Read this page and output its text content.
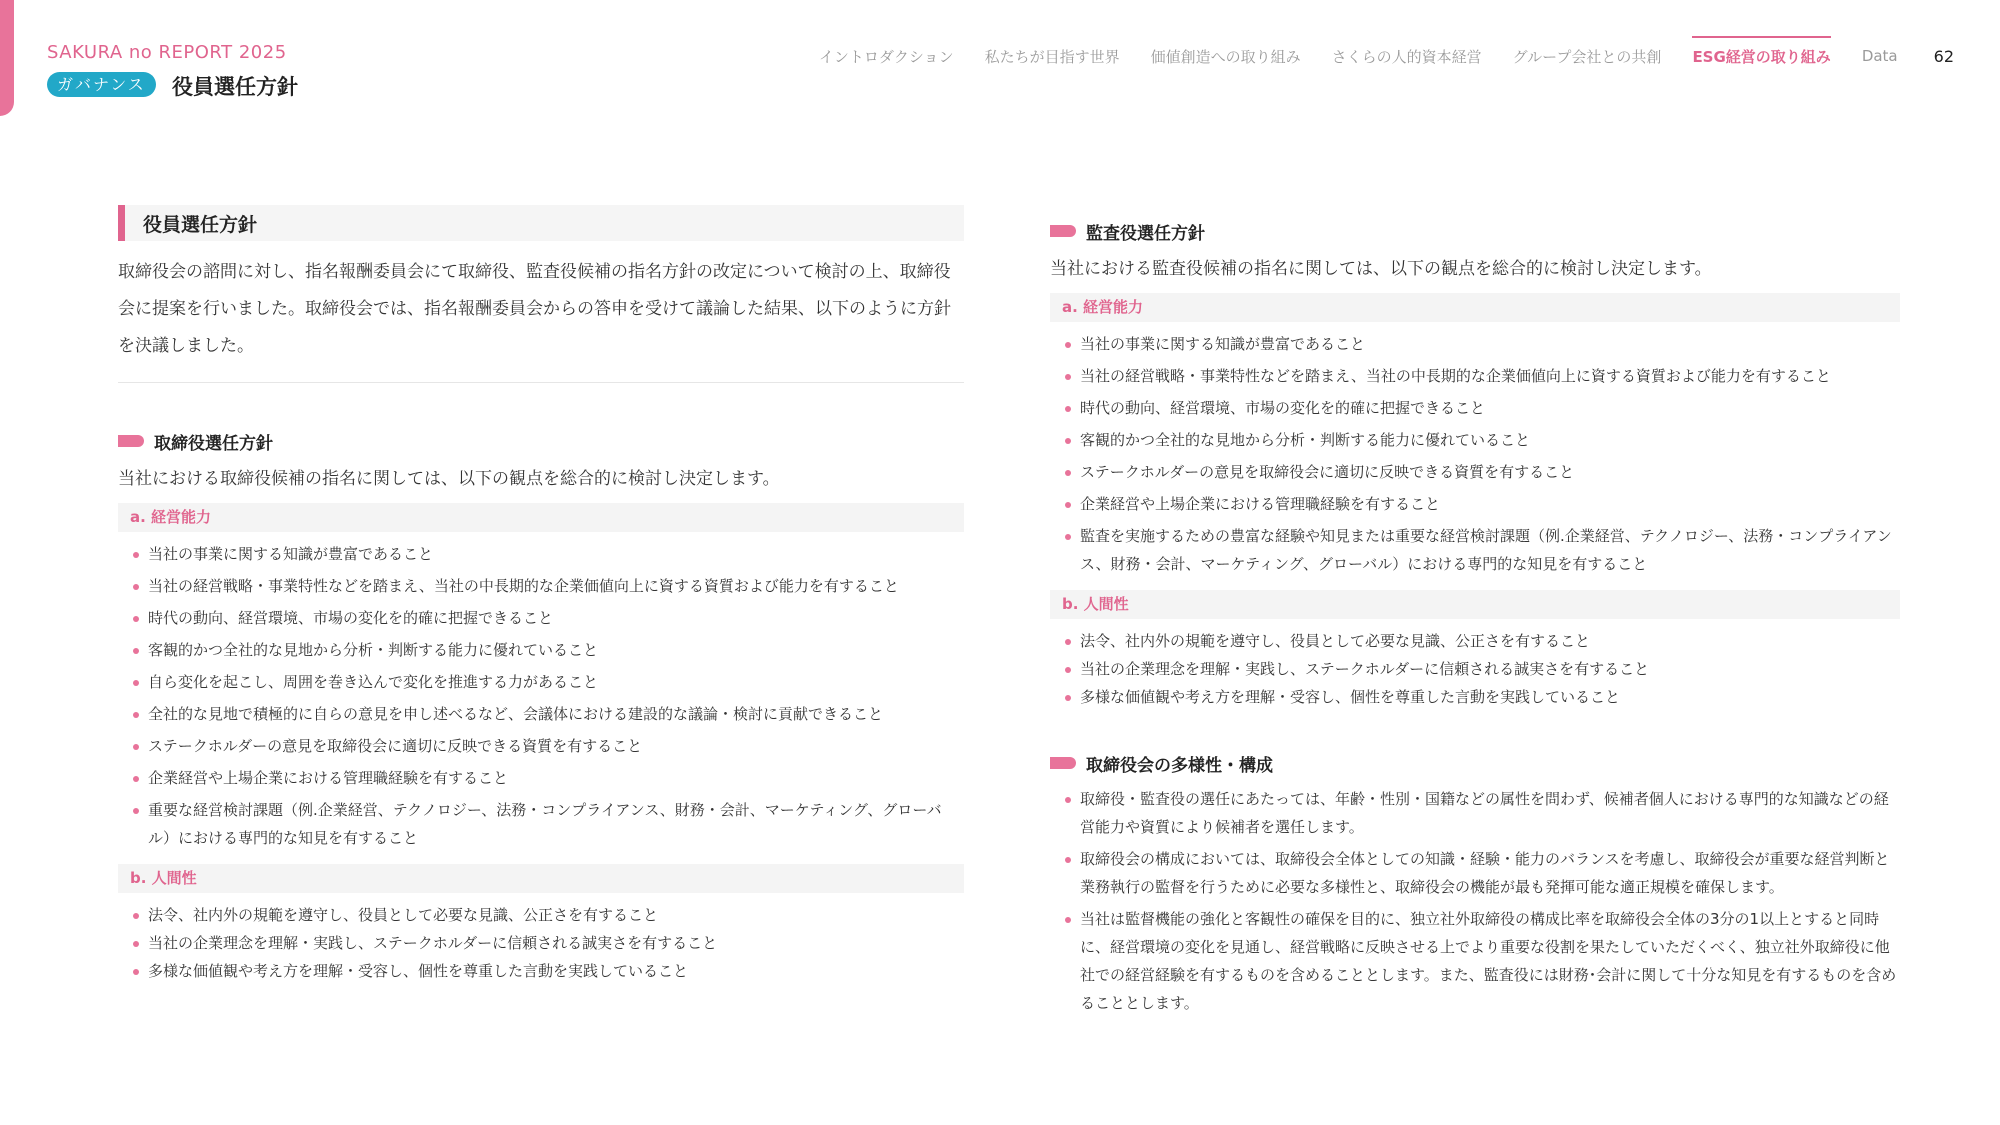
SAKURA no REPORT 2025
ガバナンス	役員選任方針
イントロダクション 私たちが目指す世界 価値創造への取り組み さくらの人的資本経営 グループ会社との共創 ESG経営の取り組み Data 62
役員選任方針

取締役会の諮問に対し、指名報酬委員会にて取締役、監査役候補の指名方針の改定について検討の上、取締役会に提案を行いました。取締役会では、指名報酬委員会からの答申を受けて議論した結果、以下のように方針を決議しました。

取締役選任方針
当社における取締役候補の指名に関しては、以下の観点を総合的に検討し決定します。
a. 経営能力
当社の事業に関する知識が豊富であること
当社の経営戦略・事業特性などを踏まえ、当社の中長期的な企業価値向上に資する資質および能力を有すること
時代の動向、経営環境、市場の変化を的確に把握できること
客観的かつ全社的な見地から分析・判断する能力に優れていること
自ら変化を起こし、周囲を巻き込んで変化を推進する力があること
全社的な見地で積極的に自らの意見を申し述べるなど、会議体における建設的な議論・検討に貢献できること
ステークホルダーの意見を取締役会に適切に反映できる資質を有すること
企業経営や上場企業における管理職経験を有すること
重要な経営検討課題（例.企業経営、テクノロジー、法務・コンプライアンス、財務・会計、マーケティング、グローバル）における専門的な知見を有すること
b. 人間性
法令、社内外の規範を遵守し、役員として必要な見識、公正さを有すること
当社の企業理念を理解・実践し、ステークホルダーに信頼される誠実さを有すること
多様な価値観や考え方を理解・受容し、個性を尊重した言動を実践していること
監査役選任方針
当社における監査役候補の指名に関しては、以下の観点を総合的に検討し決定します。
a. 経営能力
当社の事業に関する知識が豊富であること
当社の経営戦略・事業特性などを踏まえ、当社の中長期的な企業価値向上に資する資質および能力を有すること
時代の動向、経営環境、市場の変化を的確に把握できること
客観的かつ全社的な見地から分析・判断する能力に優れていること
ステークホルダーの意見を取締役会に適切に反映できる資質を有すること
企業経営や上場企業における管理職経験を有すること
監査を実施するための豊富な経験や知見または重要な経営検討課題（例.企業経営、テクノロジー、法務・コンプライアンス、財務・会計、マーケティング、グローバル）における専門的な知見を有すること
b. 人間性
法令、社内外の規範を遵守し、役員として必要な見識、公正さを有すること
当社の企業理念を理解・実践し、ステークホルダーに信頼される誠実さを有すること
多様な価値観や考え方を理解・受容し、個性を尊重した言動を実践していること
取締役会の多様性・構成
取締役・監査役の選任にあたっては、年齢・性別・国籍などの属性を問わず、候補者個人における専門的な知識などの経営能力や資質により候補者を選任します。
取締役会の構成においては、取締役会全体としての知識・経験・能力のバランスを考慮し、取締役会が重要な経営判断と業務執行の監督を行うために必要な多様性と、取締役会の機能が最も発揮可能な適正規模を確保します。
当社は監督機能の強化と客観性の確保を目的に、独立社外取締役の構成比率を取締役会全体の3分の1以上とすると同時に、経営環境の変化を見通し、経営戦略に反映させる上でより重要な役割を果たしていただくべく、独立社外取締役に他社での経営経験を有するものを含めることとします。また、監査役には財務･会計に関して十分な知見を有するものを含めることとします。
